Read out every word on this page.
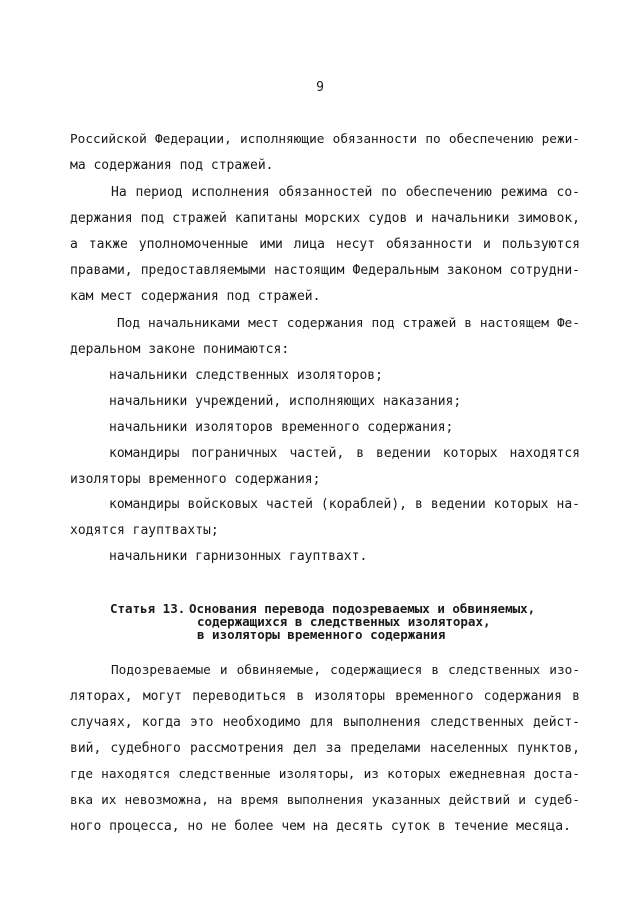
9
Российской Федерации, исполняющие обязанности по обеспечению режи-
ма содержания под стражей.
На период исполнения обязанностей по обеспечению режима со-
держания под стражей капитаны морских судов и начальники зимовок,
а также уполномоченные ими лица несут обязанности и пользуются
правами, предоставляемыми настоящим Федеральным законом сотрудни-
кам мест содержания под стражей.
Под начальниками мест содержания под стражей в настоящем Фе-
деральном законе понимаются:
начальники следственных изоляторов;
начальники учреждений, исполняющих наказания;
начальники изоляторов временного содержания;
командиры пограничных частей, в ведении которых находятся
изоляторы временного содержания;
командиры войсковых частей (кораблей), в ведении которых на-
ходятся гауптвахты;
начальники гарнизонных гауптвахт.
Статья 13. Основания перевода подозреваемых и обвиняемых,
содержащихся в следственных изоляторах,
в изоляторы временного содержания
Подозреваемые и обвиняемые, содержащиеся в следственных изо-
ляторах, могут переводиться в изоляторы временного содержания в
случаях, когда это необходимо для выполнения следственных дейст-
вий, судебного рассмотрения дел за пределами населенных пунктов,
где находятся следственные изоляторы, из которых ежедневная доста-
вка их невозможна, на время выполнения указанных действий и судеб-
ного процесса, но не более чем на десять суток в течение месяца.
